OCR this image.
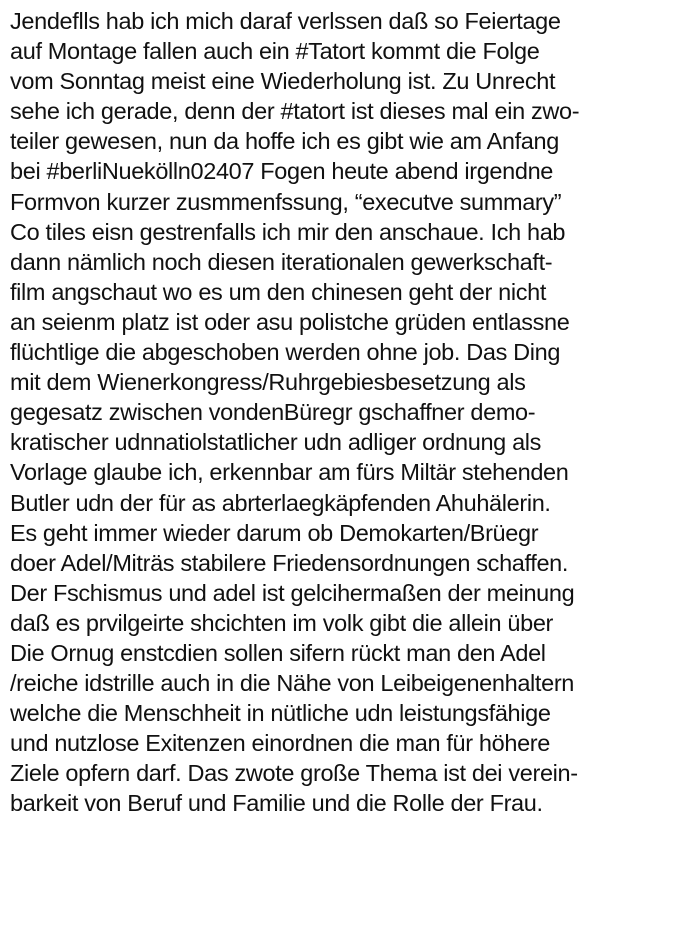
Jendeflls hab ich mich daraf verlssen daß so Feiertage
auf Montage fallen auch ein #Tatort kommt die Folge
vom Sonntag meist eine Wiederholung ist. Zu Unrecht
sehe ich gerade, denn der #tatort ist dieses mal ein zwo-
teiler gewesen, nun da hoffe ich es gibt wie am Anfang
bei #berliNuekölln02407 Fogen heute abend irgendne
Formvon kurzer zusmmenfssung, “executve summary”
Co tiles eisn gestrenfalls ich mir den anschaue. Ich hab
dann nämlich noch diesen iterationalen gewerkschaft-
film angschaut wo es um den chinesen geht der nicht
an seienm platz ist oder asu polistche grüden entlassne
flüchtlige die abgeschoben werden ohne job. Das Ding
mit dem Wienerkongress/Ruhrgebiesbesetzung als
gegesatz zwischen vondenBüregr gschaffner demo-
kratischer udnnatiolstatlicher udn adliger ordnung als
Vorlage glaube ich, erkennbar am fürs Miltär stehenden
Butler udn der für as abrterlaegkäpfenden Ahuhälerin.
Es geht immer wieder darum ob Demokarten/Brüegr
doer Adel/Miträs stabilere Friedensordnungen schaffen.
Der Fschismus und adel ist gelcihermaßen der meinung
daß es prvilgeirte shcichten im volk gibt die allein über
Die Ornug enstcdien sollen sifern rückt man den Adel
/reiche idstrille auch in die Nähe von Leibeigenenhaltern
welche die Menschheit in nütliche udn leistungsfähige
und nutzlose Exitenzen einordnen die man für höhere
Ziele opfern darf. Das zwote große Thema ist dei verein-
barkeit von Beruf und Familie und die Rolle der Frau.
